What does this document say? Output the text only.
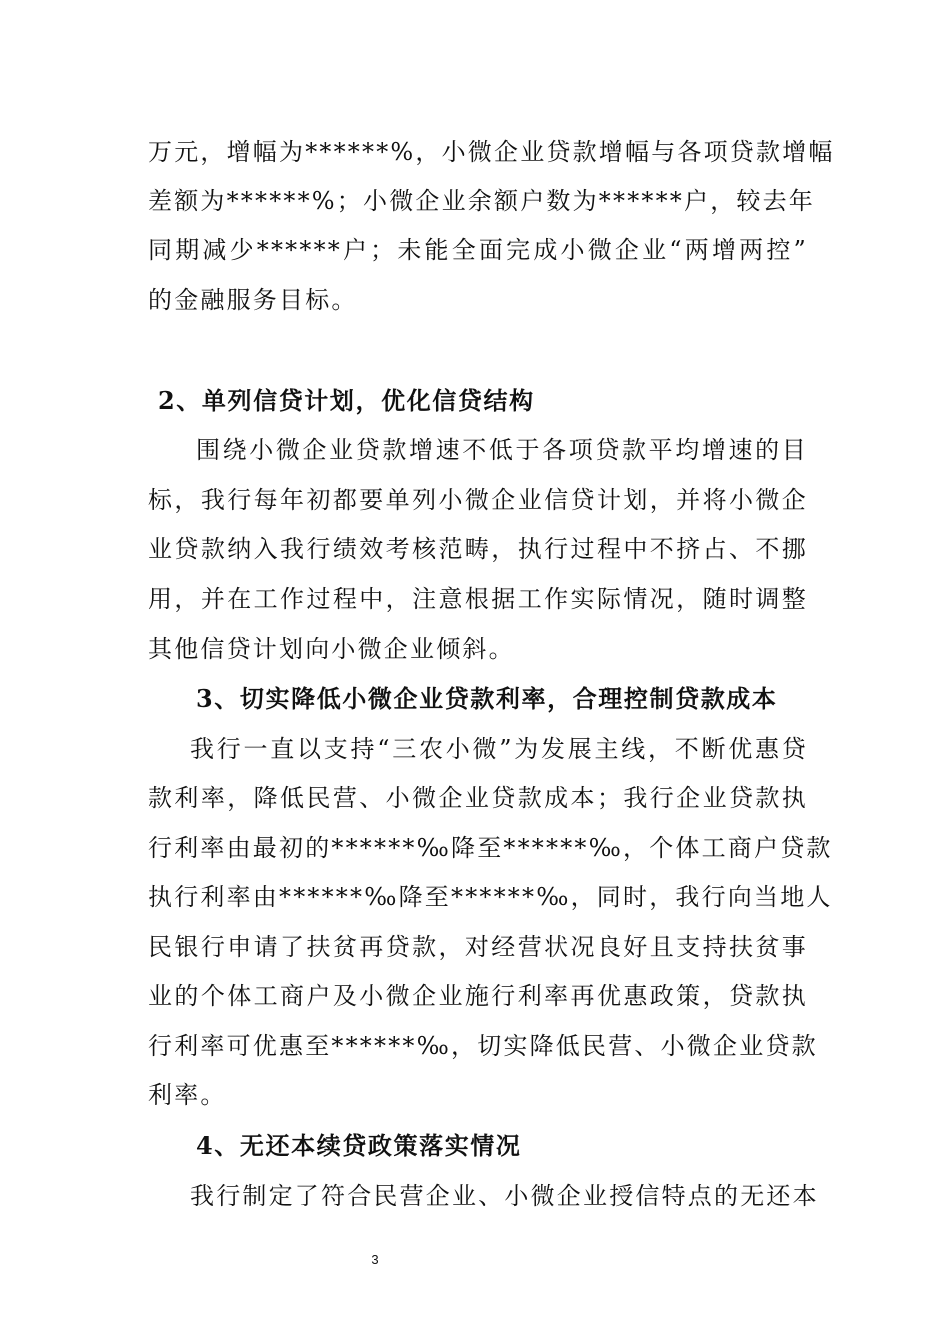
万元，增幅为******%，小微企业贷款增幅与各项贷款增幅
差额为******%；小微企业余额户数为******户，较去年
同期减少******户；未能全面完成小微企业“两增两控”
的金融服务目标。
2、单列信贷计划，优化信贷结构
围绕小微企业贷款增速不低于各项贷款平均增速的目
标，我行每年初都要单列小微企业信贷计划，并将小微企
业贷款纳入我行绩效考核范畴，执行过程中不挤占、不挪
用，并在工作过程中，注意根据工作实际情况，随时调整
其他信贷计划向小微企业倾斜。
3、切实降低小微企业贷款利率，合理控制贷款成本
我行一直以支持“三农小微”为发展主线，不断优惠贷
款利率，降低民营、小微企业贷款成本；我行企业贷款执
行利率由最初的******‰降至******‰，个体工商户贷款
执行利率由******‰降至******‰，同时，我行向当地人
民银行申请了扶贫再贷款，对经营状况良好且支持扶贫事
业的个体工商户及小微企业施行利率再优惠政策，贷款执
行利率可优惠至******‰，切实降低民营、小微企业贷款
利率。
4、无还本续贷政策落实情况
我行制定了符合民营企业、小微企业授信特点的无还本
3
